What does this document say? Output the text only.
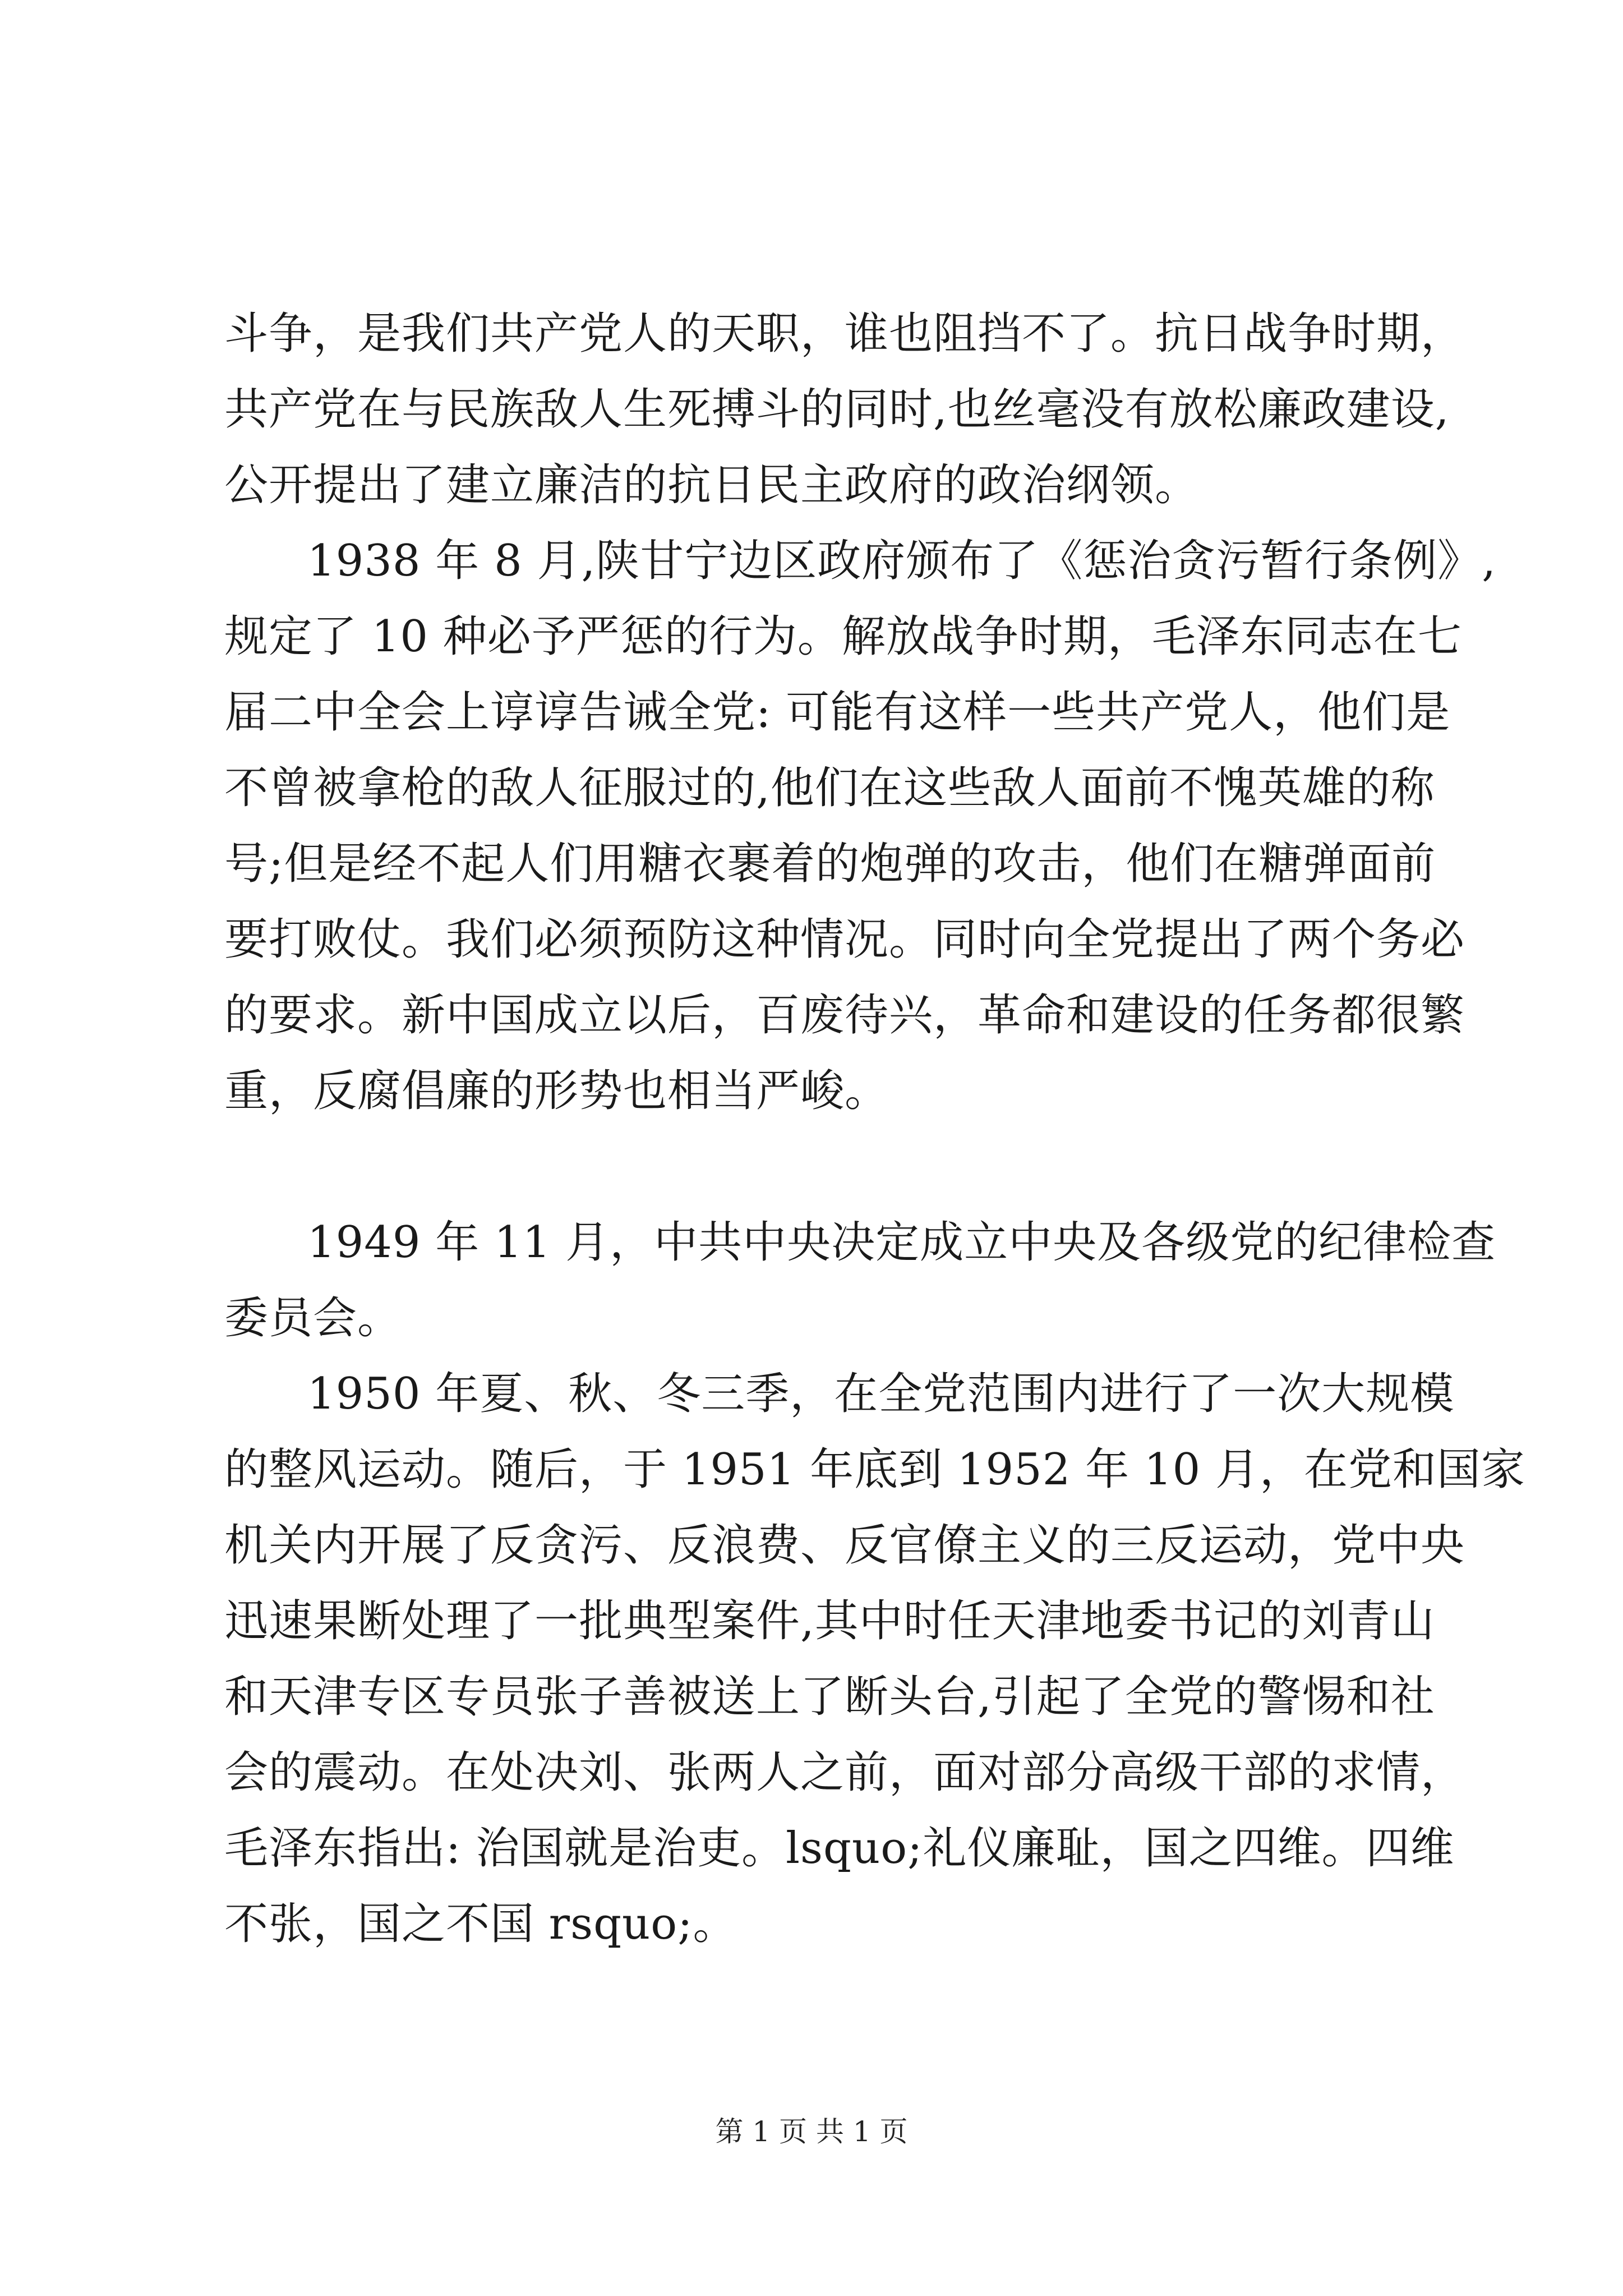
斗争，是我们共产党人的天职，谁也阻挡不了。抗日战争时期，
共产党在与民族敌人生死搏斗的同时,也丝毫没有放松廉政建设,
公开提出了建立廉洁的抗日民主政府的政治纲领。
1938 年 8 月,陕甘宁边区政府颁布了《惩治贪污暂行条例》,
规定了 10 种必予严惩的行为。解放战争时期，毛泽东同志在七
届二中全会上谆谆告诫全党: 可能有这样一些共产党人，他们是
不曾被拿枪的敌人征服过的,他们在这些敌人面前不愧英雄的称
号;但是经不起人们用糖衣裹着的炮弹的攻击，他们在糖弹面前
要打败仗。我们必须预防这种情况。同时向全党提出了两个务必
的要求。新中国成立以后，百废待兴，革命和建设的任务都很繁
重，反腐倡廉的形势也相当严峻。
1949 年 11 月，中共中央决定成立中央及各级党的纪律检查
委员会。
1950 年夏、秋、冬三季，在全党范围内进行了一次大规模
的整风运动。随后，于 1951 年底到 1952 年 10 月，在党和国家
机关内开展了反贪污、反浪费、反官僚主义的三反运动，党中央
迅速果断处理了一批典型案件,其中时任天津地委书记的刘青山
和天津专区专员张子善被送上了断头台,引起了全党的警惕和社
会的震动。在处决刘、张两人之前，面对部分高级干部的求情，
毛泽东指出: 治国就是治吏。lsquo;礼仪廉耻，国之四维。四维
不张，国之不国 rsquo;。
第 1 页 共 1 页
